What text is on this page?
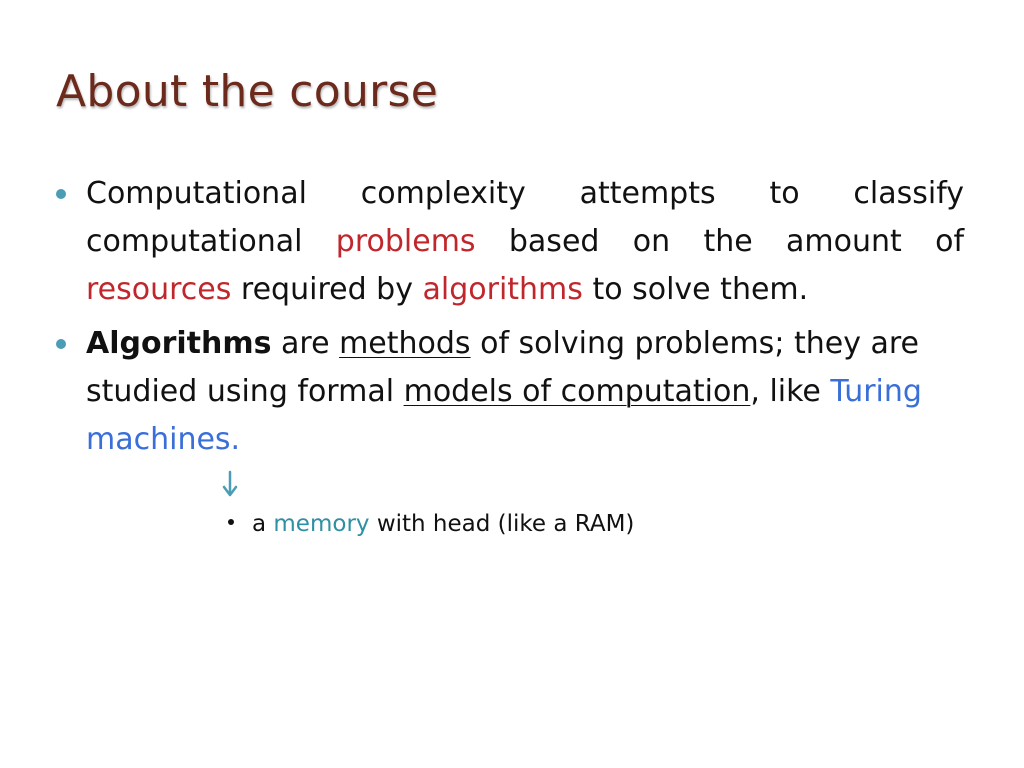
About the course
Computational complexity attempts to classify computational problems based on the amount of resources required by algorithms to solve them.
Algorithms are methods of solving problems; they are studied using formal models of computation, like Turing machines.
a memory with head (like a RAM)
